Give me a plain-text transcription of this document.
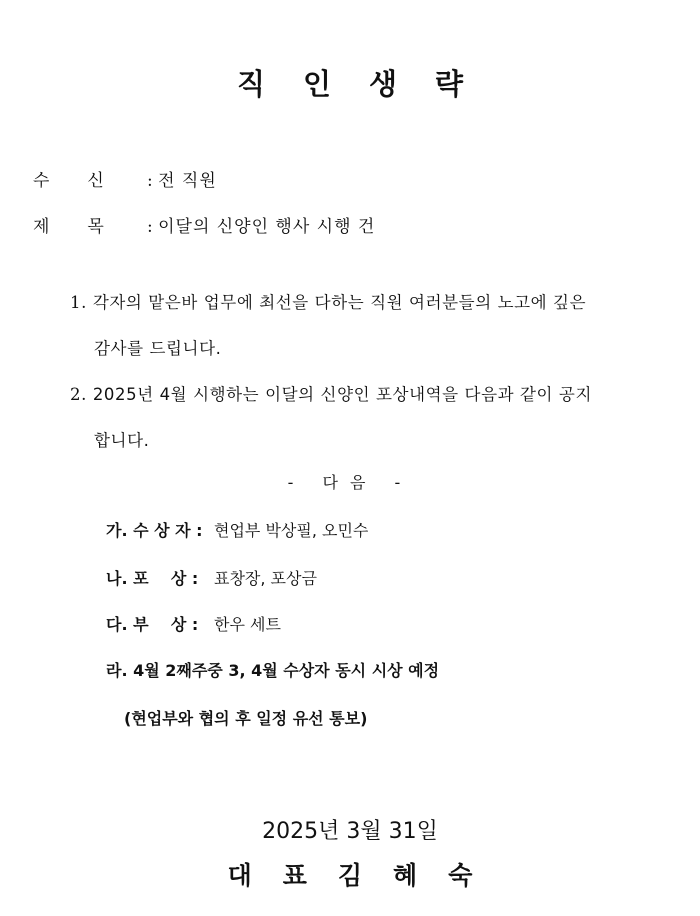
직인생략
수신 : 전 직원
제목 : 이달의 신양인 행사 시행 건
1. 각자의 맡은바 업무에 최선을 다하는 직원 여러분들의 노고에 깊은
감사를 드립니다.
2. 2025년 4월 시행하는 이달의 신양인 포상내역을 다음과 같이 공지
합니다.
- 다음 -
가. 수 상 자 : 현업부 박상필, 오민수
나. 포    상 : 표창장, 포상금
다. 부    상 : 한우 세트
라. 4월 2째주중 3, 4월 수상자 동시 시상 예정
(현업부와 협의 후 일정 유선 통보)
2025년 3월 31일
대표김혜숙
